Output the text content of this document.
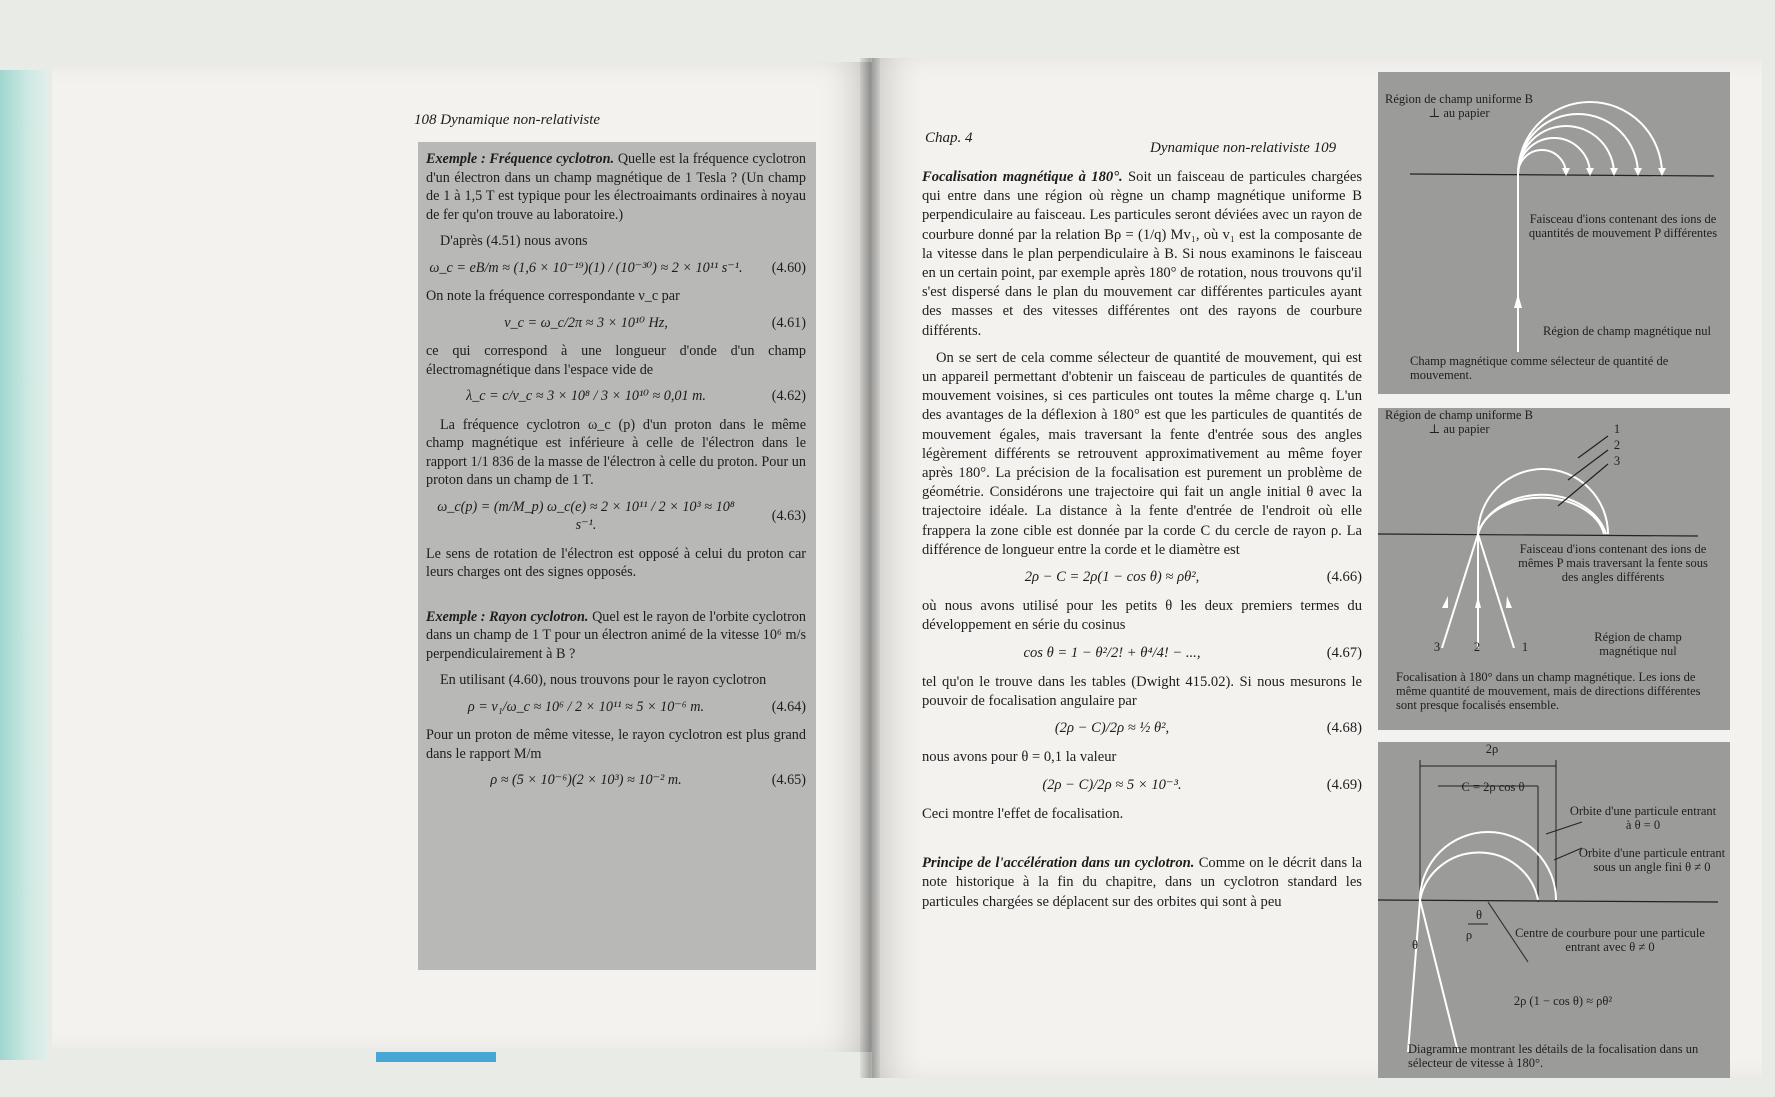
108 Dynamique non-relativiste

Exemple : Fréquence cyclotron. Quelle est la fréquence cyclotron d'un électron dans un champ magnétique de 1 Tesla ? (Un champ de 1 à 1,5 T est typique pour les électroaimants ordinaires à noyau de fer qu'on trouve au laboratoire.)

D'après (4.51) nous avons

ω_c = eB/m ≈ (1,6 × 10⁻¹⁹)(1) / (10⁻³⁰) ≈ 2 × 10¹¹ s⁻¹.	(4.60)

On note la fréquence correspondante ν_c par

ν_c = ω_c/2π ≈ 3 × 10¹⁰ Hz,	(4.61)

ce qui correspond à une longueur d'onde d'un champ électromagnétique dans l'espace vide de

λ_c = c/ν_c ≈ 3 × 10⁸ / 3 × 10¹⁰ ≈ 0,01 m.	(4.62)

La fréquence cyclotron ω_c (p) d'un proton dans le même champ magnétique est inférieure à celle de l'électron dans le rapport 1/1 836 de la masse de l'électron à celle du proton. Pour un proton dans un champ de 1 T.

ω_c(p) = (m/M_p) ω_c(e) ≈ 2 × 10¹¹ / 2 × 10³ ≈ 10⁸ s⁻¹.
(4.63)

Le sens de rotation de l'électron est opposé à celui du proton car leurs charges ont des signes opposés.

Exemple : Rayon cyclotron. Quel est le rayon de l'orbite cyclotron dans un champ de 1 T pour un électron animé de la vitesse 10⁶ m/s perpendiculairement à B ?

En utilisant (4.60), nous trouvons pour le rayon cyclotron

ρ = v₁/ω_c ≈ 10⁶ / 2 × 10¹¹ ≈ 5 × 10⁻⁶ m.	(4.64)

Pour un proton de même vitesse, le rayon cyclotron est plus grand dans le rapport M/m

ρ ≈ (5 × 10⁻⁶)(2 × 10³) ≈ 10⁻² m.	(4.65)
Chap. 4
Dynamique non-relativiste 109

Focalisation magnétique à 180°. Soit un faisceau de particules chargées qui entre dans une région où règne un champ magnétique uniforme B perpendiculaire au faisceau. Les particules seront déviées avec un rayon de courbure donné par la relation Bρ = (1/q) Mv₁, où v₁ est la composante de la vitesse dans le plan perpendiculaire à B. Si nous examinons le faisceau en un certain point, par exemple après 180° de rotation, nous trouvons qu'il s'est dispersé dans le plan du mouvement car différentes particules ayant des masses et des vitesses différentes ont des rayons de courbure différents.

On se sert de cela comme sélecteur de quantité de mouvement, qui est un appareil permettant d'obtenir un faisceau de particules de quantités de mouvement voisines, si ces particules ont toutes la même charge q. L'un des avantages de la déflexion à 180° est que les particules de quantités de mouvement égales, mais traversant la fente d'entrée sous des angles légèrement différents se retrouvent approximativement au même foyer après 180°. La précision de la focalisation est purement un problème de géométrie. Considérons une trajectoire qui fait un angle initial θ avec la trajectoire idéale. La distance à la fente d'entrée de l'endroit où elle frappera la zone cible est donnée par la corde C du cercle de rayon ρ. La différence de longueur entre la corde et le diamètre est

2ρ − C = 2ρ(1 − cos θ) ≈ ρθ²,	(4.66)

où nous avons utilisé pour les petits θ les deux premiers termes du développement en série du cosinus

cos θ = 1 − θ²/2! + θ⁴/4! − ...,	(4.67)

tel qu'on le trouve dans les tables (Dwight 415.02). Si nous mesurons le pouvoir de focalisation angulaire par

(2ρ − C)/2ρ ≈ ½ θ²,	(4.68)

nous avons pour θ = 0,1 la valeur

(2ρ − C)/2ρ ≈ 5 × 10⁻³.	(4.69)

Ceci montre l'effet de focalisation.

Principe de l'accélération dans un cyclotron. Comme on le décrit dans la note historique à la fin du chapitre, dans un cyclotron standard les particules chargées se déplacent sur des orbites qui sont à peu

Région de champ uniforme B ⊥ au papier
Faisceau d'ions contenant des ions de quantités de mouvement P différentes
Région de champ magnétique nul
Champ magnétique comme sélecteur de quantité de mouvement.
Région de champ uniforme B ⊥ au papier	1
2
3
Faisceau d'ions contenant des ions de mêmes P mais traversant la fente sous des angles différents
3	2	1
Région de champ magnétique nul
Focalisation à 180° dans un champ magnétique. Les ions de même quantité de mouvement, mais de directions différentes sont presque focalisés ensemble.
2ρ
C = 2ρ cos θ
Orbite d'une particule entrant à θ = 0
Orbite d'une particule entrant sous un angle fini θ ≠ 0
θ
ρ
θ
Centre de courbure pour une particule entrant avec θ ≠ 0
2ρ (1 − cos θ) ≈ ρθ²
Diagramme montrant les détails de la focalisation dans un sélecteur de vitesse à 180°.
